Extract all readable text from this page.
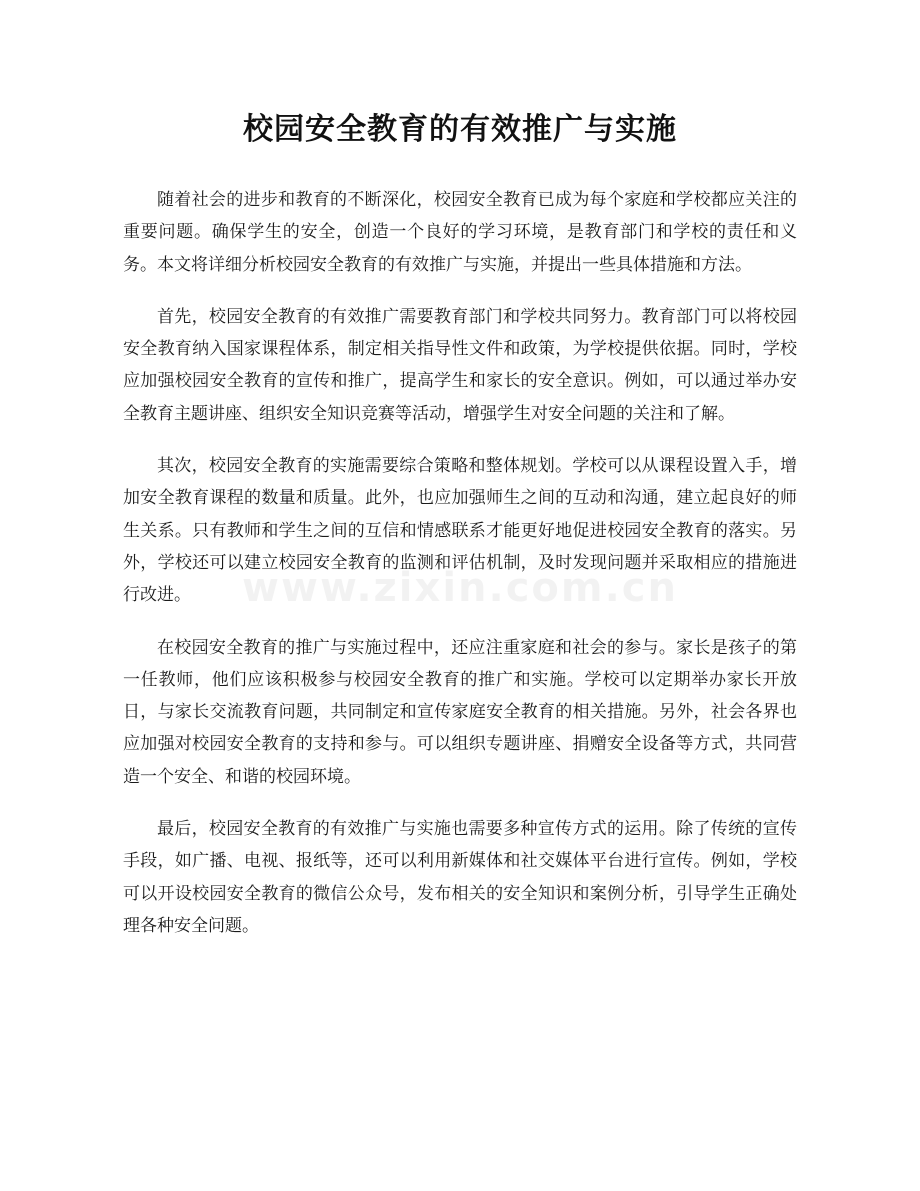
校园安全教育的有效推广与实施
www.zixin.com.cn

随着社会的进步和教育的不断深化，校园安全教育已成为每个家庭和学校都应关注的重要问题。确保学生的安全，创造一个良好的学习环境，是教育部门和学校的责任和义务。本文将详细分析校园安全教育的有效推广与实施，并提出一些具体措施和方法。

首先，校园安全教育的有效推广需要教育部门和学校共同努力。教育部门可以将校园安全教育纳入国家课程体系，制定相关指导性文件和政策，为学校提供依据。同时，学校应加强校园安全教育的宣传和推广，提高学生和家长的安全意识。例如，可以通过举办安全教育主题讲座、组织安全知识竞赛等活动，增强学生对安全问题的关注和了解。

其次，校园安全教育的实施需要综合策略和整体规划。学校可以从课程设置入手，增加安全教育课程的数量和质量。此外，也应加强师生之间的互动和沟通，建立起良好的师生关系。只有教师和学生之间的互信和情感联系才能更好地促进校园安全教育的落实。另外，学校还可以建立校园安全教育的监测和评估机制，及时发现问题并采取相应的措施进行改进。

在校园安全教育的推广与实施过程中，还应注重家庭和社会的参与。家长是孩子的第一任教师，他们应该积极参与校园安全教育的推广和实施。学校可以定期举办家长开放日，与家长交流教育问题，共同制定和宣传家庭安全教育的相关措施。另外，社会各界也应加强对校园安全教育的支持和参与。可以组织专题讲座、捐赠安全设备等方式，共同营造一个安全、和谐的校园环境。

最后，校园安全教育的有效推广与实施也需要多种宣传方式的运用。除了传统的宣传手段，如广播、电视、报纸等，还可以利用新媒体和社交媒体平台进行宣传。例如，学校可以开设校园安全教育的微信公众号，发布相关的安全知识和案例分析，引导学生正确处理各种安全问题。
